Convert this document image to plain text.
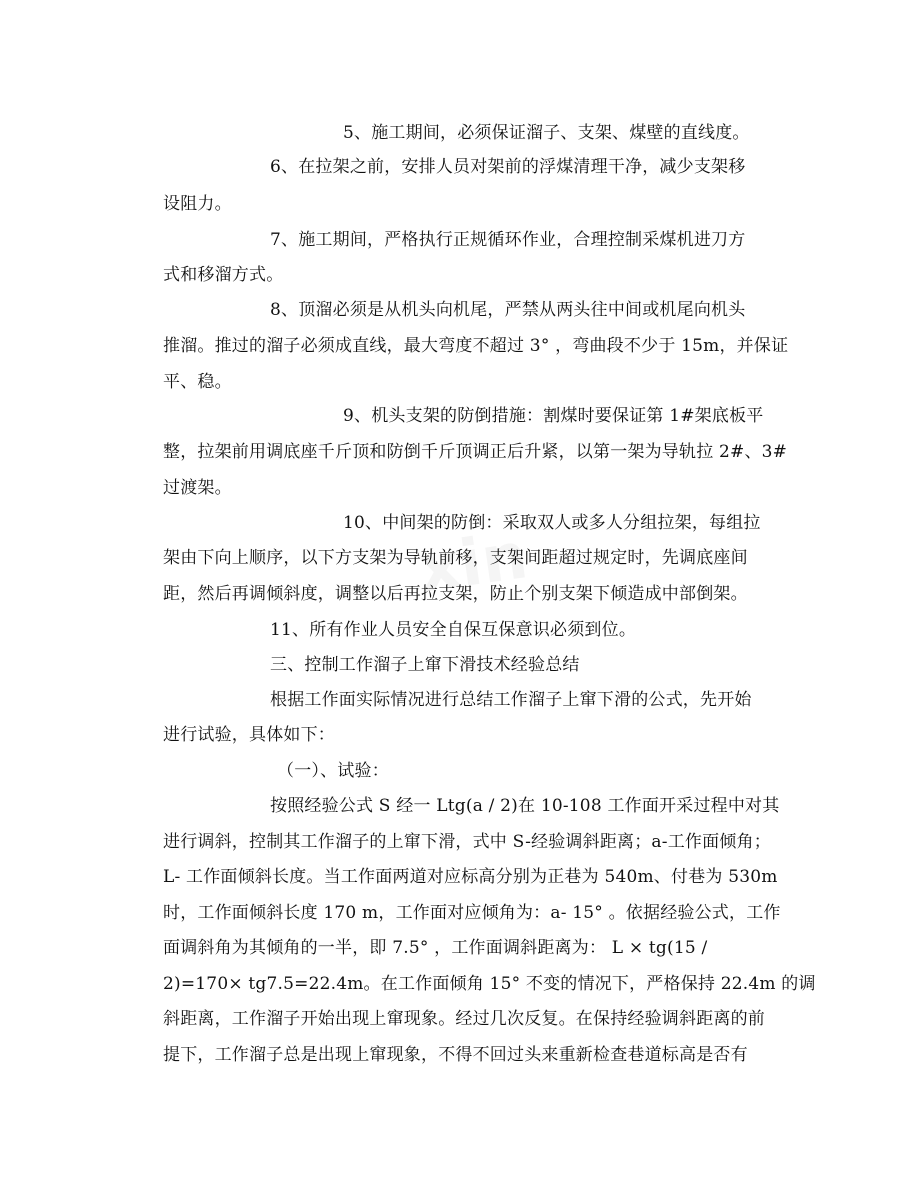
5、施工期间，必须保证溜子、支架、煤壁的直线度。
6、在拉架之前，安排人员对架前的浮煤清理干净，减少支架移
设阻力。
7、施工期间，严格执行正规循环作业，合理控制采煤机进刀方
式和移溜方式。
8、顶溜必须是从机头向机尾，严禁从两头往中间或机尾向机头
推溜。推过的溜子必须成直线，最大弯度不超过 3° ，弯曲段不少于 15m，并保证
平、稳。
9、机头支架的防倒措施：割煤时要保证第 1#架底板平
整，拉架前用调底座千斤顶和防倒千斤顶调正后升紧，以第一架为导轨拉 2#、3#
过渡架。
10、中间架的防倒：采取双人或多人分组拉架，每组拉
架由下向上顺序，以下方支架为导轨前移，支架间距超过规定时，先调底座间
距，然后再调倾斜度，调整以后再拉支架，防止个别支架下倾造成中部倒架。
11、所有作业人员安全自保互保意识必须到位。
三、控制工作溜子上窜下滑技术经验总结
根据工作面实际情况进行总结工作溜子上窜下滑的公式，先开始
进行试验，具体如下：
（一）、试验：
按照经验公式 S 经一 Ltg(a / 2)在 10-108 工作面开采过程中对其
进行调斜，控制其工作溜子的上窜下滑，式中 S-经验调斜距离；a-工作面倾角；
L- 工作面倾斜长度。当工作面两道对应标高分别为正巷为 540m、付巷为 530m
时，工作面倾斜长度 170 m，工作面对应倾角为：a- 15° 。依据经验公式，工作
面调斜角为其倾角的一半，即 7.5° ，工作面调斜距离为： L × tg(15 /
2)=170× tg7.5=22.4m。在工作面倾角 15° 不变的情况下，严格保持 22.4m 的调
斜距离，工作溜子开始出现上窜现象。经过几次反复。在保持经验调斜距离的前
提下，工作溜子总是出现上窜现象，不得不回过头来重新检查巷道标高是否有
